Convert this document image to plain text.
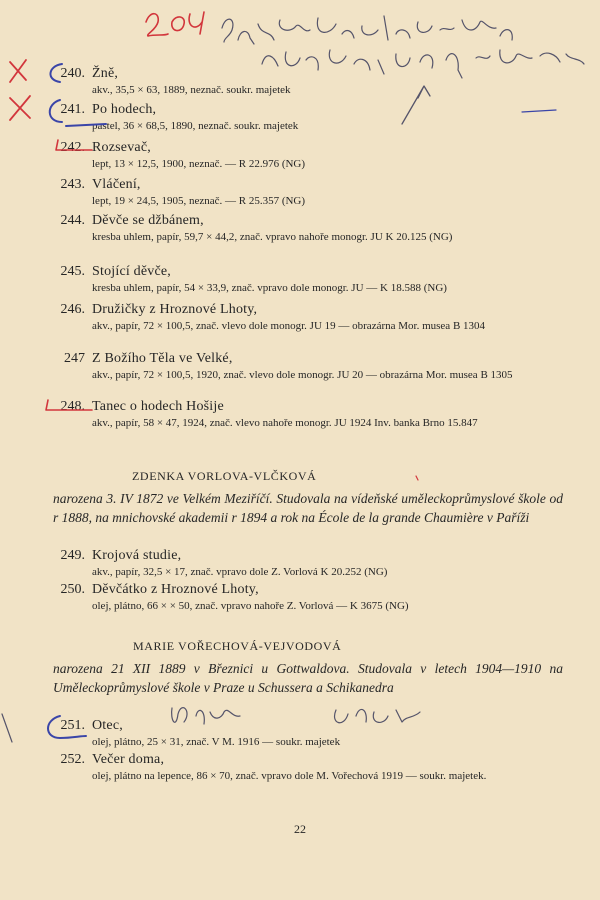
240. Žně,
akv., 35,5 × 63, 1889, neznač. soukr. majetek
241. Po hodech,
pastel, 36 × 68,5, 1890, neznač. soukr. majetek
242. Rozsevač,
lept, 13 × 12,5, 1900, neznač. — R 22.976 (NG)
243. Vláčení,
lept, 19 × 24,5, 1905, neznač. — R 25.357 (NG)
244. Děvče se džbánem,
kresba uhlem, papír, 59,7 × 44,2, znač. vpravo nahoře monogr. JU K 20.125 (NG)
245. Stojící děvče,
kresba uhlem, papír, 54 × 33,9, znač. vpravo dole monogr. JU — K 18.588 (NG)
246. Družičky z Hroznové Lhoty,
akv., papír, 72 × 100,5, znač. vlevo dole monogr. JU 19 — obrazárna Mor. musea B 1304
247 Z Božího Těla ve Velké,
akv., papír, 72 × 100,5, 1920, znač. vlevo dole monogr. JU 20 — obrazárna Mor. musea B 1305
248. Tanec o hodech Hošije
akv., papír, 58 × 47, 1924, znač. vlevo nahoře monogr. JU 1924 Inv. banka Brno 15.847
ZDENKA VORLOVA-VLČKOVÁ
narozena 3. IV 1872 ve Velkém Meziříčí. Studovala na vídeňské uměleckoprůmyslové škole od r 1888, na mnichovské akademii r 1894 a rok na École de la grande Chaumière v Paříži
249. Krojová studie,
akv., papír, 32,5 × 17, znač. vpravo dole Z. Vorlová K 20.252 (NG)
250. Děvčátko z Hroznové Lhoty,
olej, plátno, 66 × × 50, znač. vpravo nahoře Z. Vorlová — K 3675 (NG)
MARIE VOŘECHOVÁ-VEJVODOVÁ
narozena 21 XII 1889 v Březnici u Gottwaldova. Studovala v letech 1904—1910 na Uměleckoprůmyslové škole v Praze u Schussera a Schikanedra
251. Otec,
olej, plátno, 25 × 31, znač. V M. 1916 — soukr. majetek
252. Večer doma,
olej, plátno na lepence, 86 × 70, znač. vpravo dole M. Vořechová 1919 — soukr. majetek.
22
